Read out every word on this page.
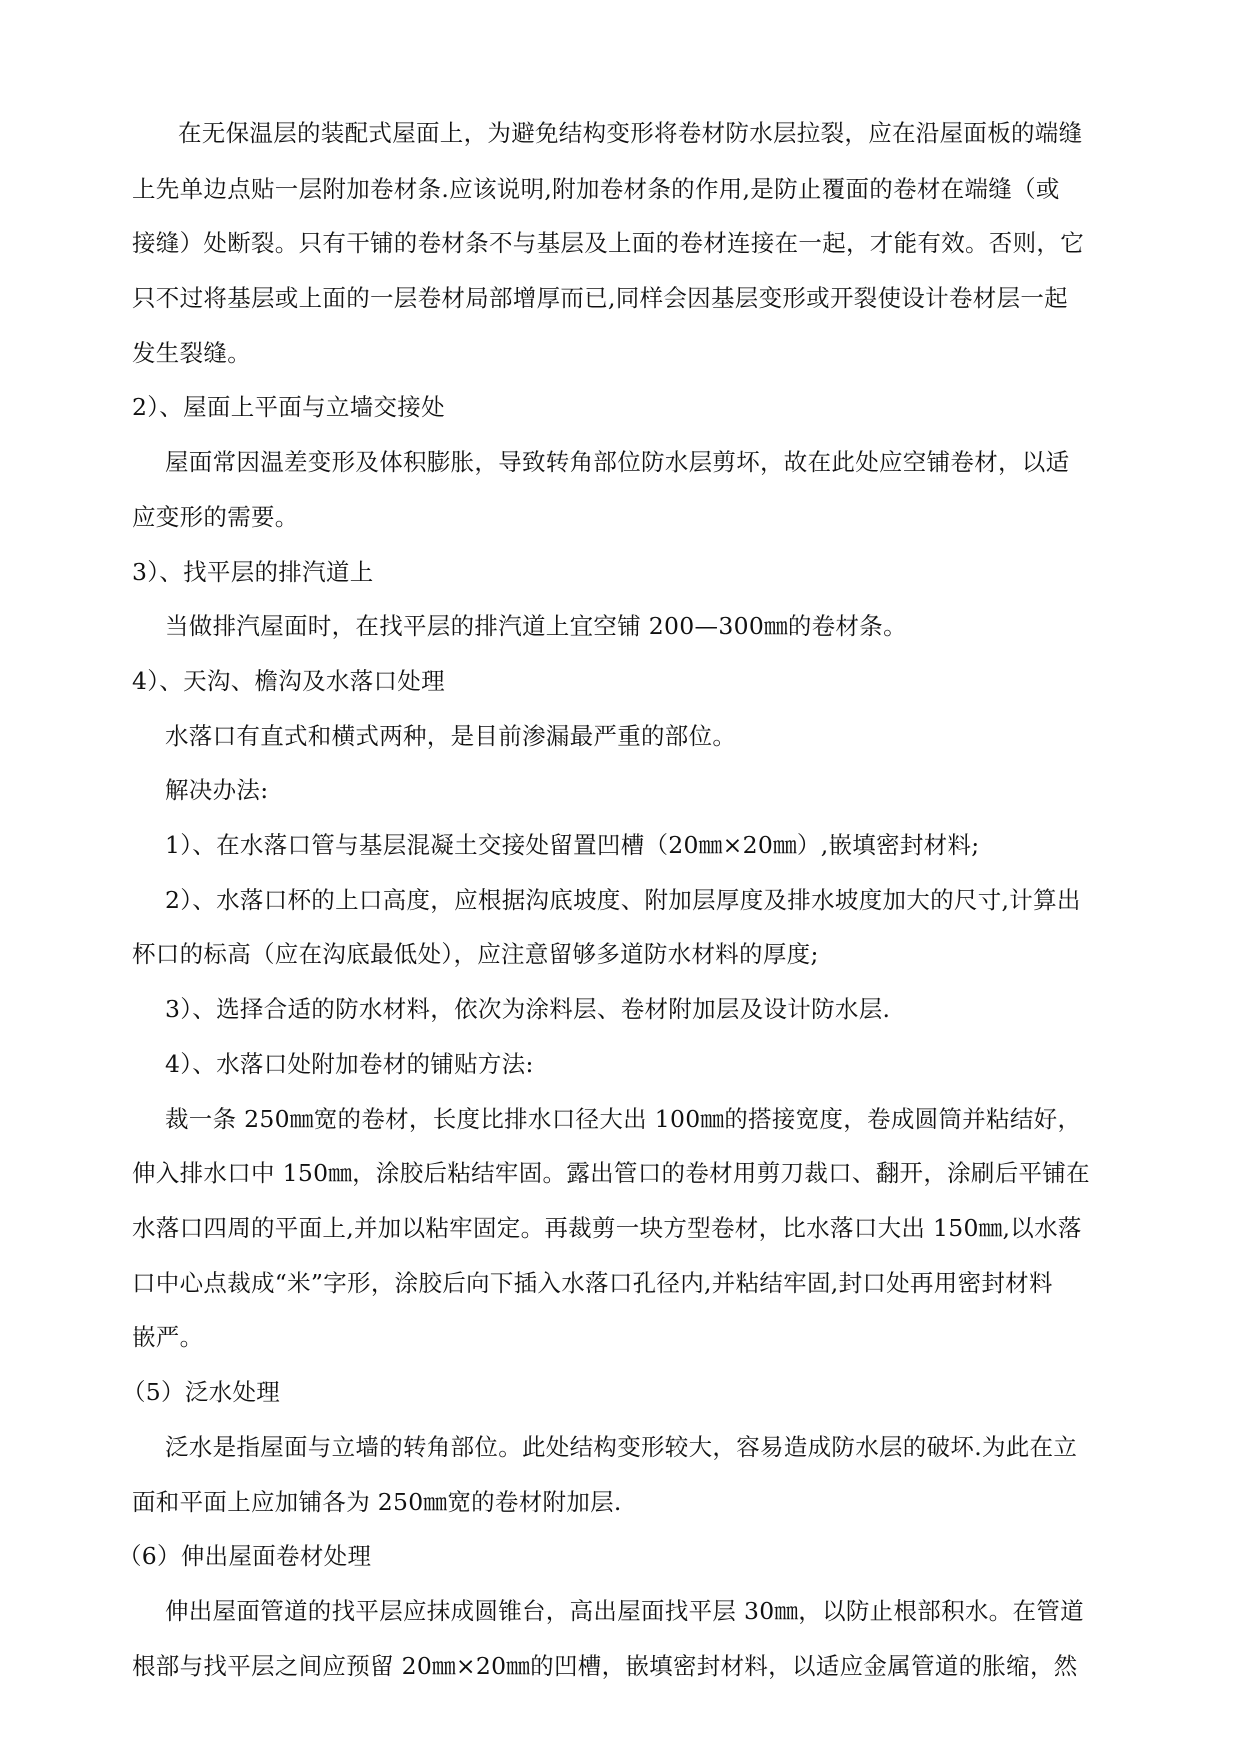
在无保温层的装配式屋面上，为避免结构变形将卷材防水层拉裂，应在沿屋面板的端缝
上先单边点贴一层附加卷材条.应该说明,附加卷材条的作用,是防止覆面的卷材在端缝（或
接缝）处断裂。只有干铺的卷材条不与基层及上面的卷材连接在一起，才能有效。否则，它
只不过将基层或上面的一层卷材局部增厚而已,同样会因基层变形或开裂使设计卷材层一起
发生裂缝。
2）、屋面上平面与立墙交接处
屋面常因温差变形及体积膨胀，导致转角部位防水层剪坏，故在此处应空铺卷材，以适
应变形的需要。
3）、找平层的排汽道上
当做排汽屋面时，在找平层的排汽道上宜空铺 200—300㎜的卷材条。
4）、天沟、檐沟及水落口处理
水落口有直式和横式两种，是目前渗漏最严重的部位。
解决办法:
1）、在水落口管与基层混凝土交接处留置凹槽（20㎜×20㎜）,嵌填密封材料;
2）、水落口杯的上口高度，应根据沟底坡度、附加层厚度及排水坡度加大的尺寸,计算出
杯口的标高（应在沟底最低处），应注意留够多道防水材料的厚度;
3）、选择合适的防水材料，依次为涂料层、卷材附加层及设计防水层.
4）、水落口处附加卷材的铺贴方法:
裁一条 250㎜宽的卷材，长度比排水口径大出 100㎜的搭接宽度，卷成圆筒并粘结好，
伸入排水口中 150㎜，涂胶后粘结牢固。露出管口的卷材用剪刀裁口、翻开，涂刷后平铺在
水落口四周的平面上,并加以粘牢固定。再裁剪一块方型卷材，比水落口大出 150㎜,以水落
口中心点裁成“米”字形，涂胶后向下插入水落口孔径内,并粘结牢固,封口处再用密封材料
嵌严。
（5）泛水处理
泛水是指屋面与立墙的转角部位。此处结构变形较大，容易造成防水层的破坏.为此在立
面和平面上应加铺各为 250㎜宽的卷材附加层.
（6）伸出屋面卷材处理
伸出屋面管道的找平层应抹成圆锥台，高出屋面找平层 30㎜，以防止根部积水。在管道
根部与找平层之间应预留 20㎜×20㎜的凹槽，嵌填密封材料，以适应金属管道的胀缩，然
